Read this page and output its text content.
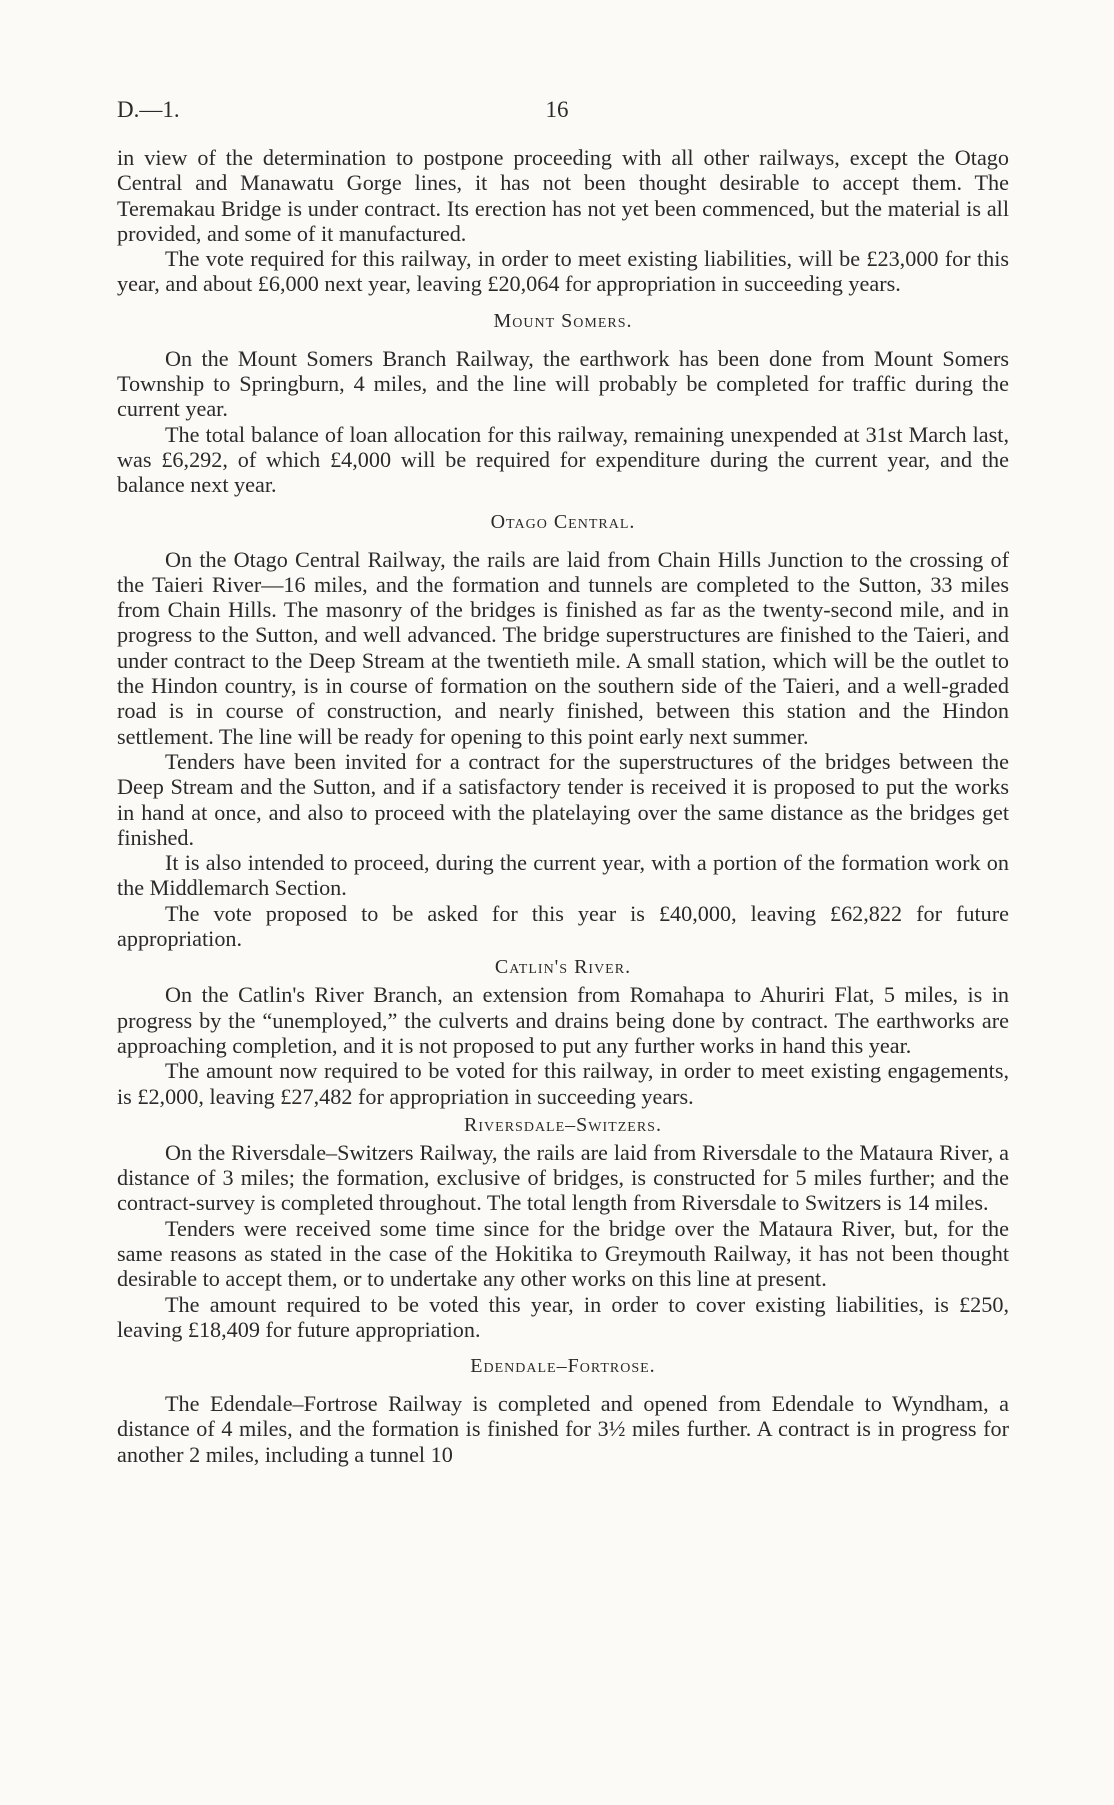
D.—1.	16

in view of the determination to postpone proceeding with all other railways, except the Otago Central and Manawatu Gorge lines, it has not been thought desirable to accept them. The Teremakau Bridge is under contract. Its erection has not yet been commenced, but the material is all provided, and some of it manufactured.

The vote required for this railway, in order to meet existing liabilities, will be £23,000 for this year, and about £6,000 next year, leaving £20,064 for appropriation in succeeding years.

Mount Somers.

On the Mount Somers Branch Railway, the earthwork has been done from Mount Somers Township to Springburn, 4 miles, and the line will probably be completed for traffic during the current year.

The total balance of loan allocation for this railway, remaining unexpended at 31st March last, was £6,292, of which £4,000 will be required for expenditure during the current year, and the balance next year.

Otago Central.

On the Otago Central Railway, the rails are laid from Chain Hills Junction to the crossing of the Taieri River—16 miles, and the formation and tunnels are completed to the Sutton, 33 miles from Chain Hills. The masonry of the bridges is finished as far as the twenty-second mile, and in progress to the Sutton, and well advanced. The bridge superstructures are finished to the Taieri, and under contract to the Deep Stream at the twentieth mile. A small station, which will be the outlet to the Hindon country, is in course of formation on the southern side of the Taieri, and a well-graded road is in course of construction, and nearly finished, between this station and the Hindon settlement. The line will be ready for opening to this point early next summer.

Tenders have been invited for a contract for the superstructures of the bridges between the Deep Stream and the Sutton, and if a satisfactory tender is received it is proposed to put the works in hand at once, and also to proceed with the platelaying over the same distance as the bridges get finished.

It is also intended to proceed, during the current year, with a portion of the formation work on the Middlemarch Section.

The vote proposed to be asked for this year is £40,000, leaving £62,822 for future appropriation.

Catlin's River.

On the Catlin's River Branch, an extension from Romahapa to Ahuriri Flat, 5 miles, is in progress by the “unemployed,” the culverts and drains being done by contract. The earthworks are approaching completion, and it is not proposed to put any further works in hand this year.

The amount now required to be voted for this railway, in order to meet existing engagements, is £2,000, leaving £27,482 for appropriation in succeeding years.

Riversdale–Switzers.

On the Riversdale–Switzers Railway, the rails are laid from Riversdale to the Mataura River, a distance of 3 miles; the formation, exclusive of bridges, is constructed for 5 miles further; and the contract-survey is completed throughout. The total length from Riversdale to Switzers is 14 miles.

Tenders were received some time since for the bridge over the Mataura River, but, for the same reasons as stated in the case of the Hokitika to Greymouth Railway, it has not been thought desirable to accept them, or to undertake any other works on this line at present.

The amount required to be voted this year, in order to cover existing liabilities, is £250, leaving £18,409 for future appropriation.

Edendale–Fortrose.

The Edendale–Fortrose Railway is completed and opened from Edendale to Wyndham, a distance of 4 miles, and the formation is finished for 3½ miles further. A contract is in progress for another 2 miles, including a tunnel 10
